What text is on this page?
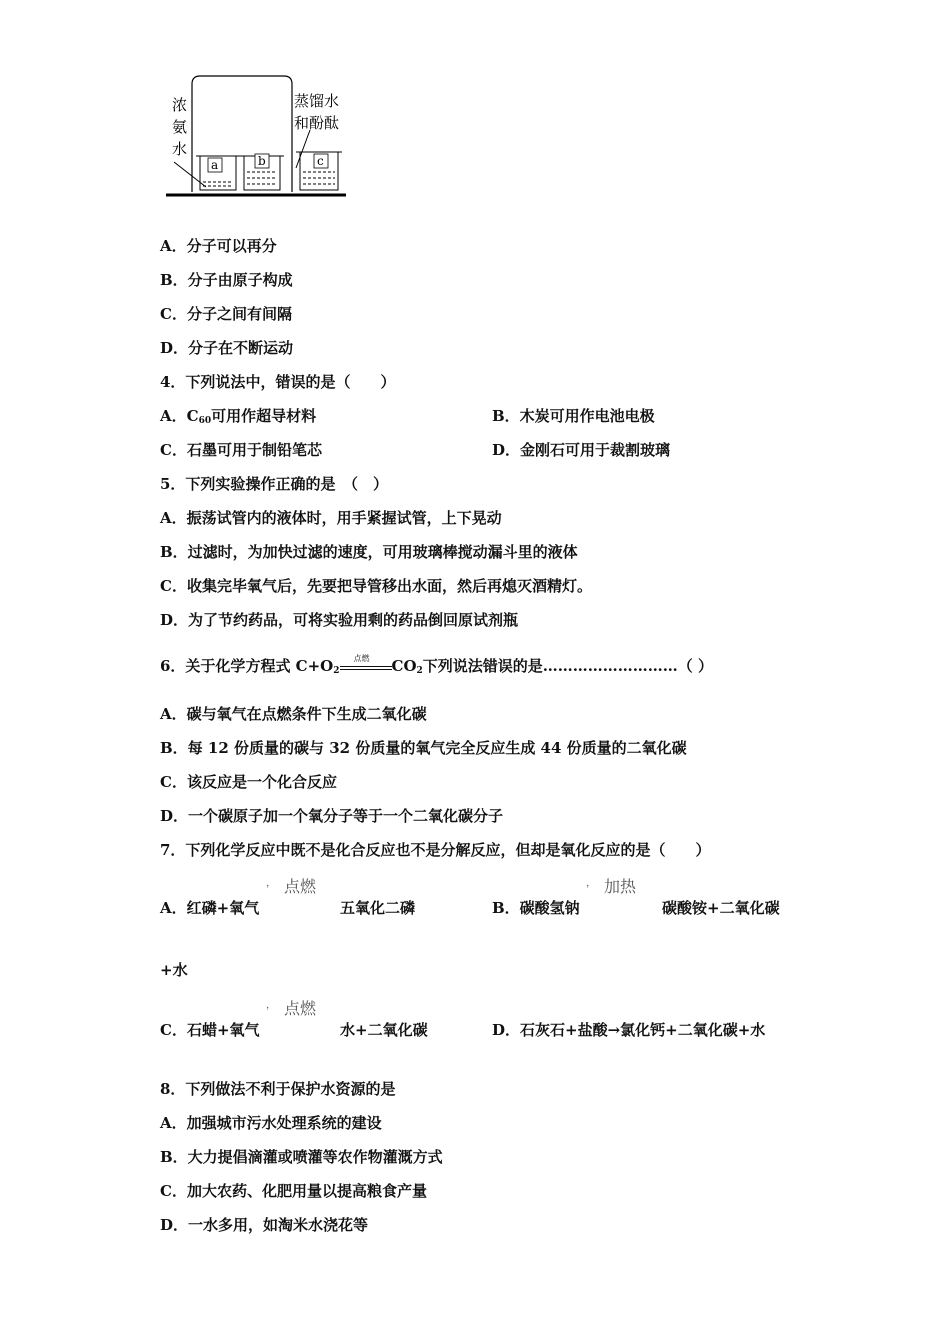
浓
氨
水
蒸馏水
和酚酞
a	b	c
A．分子可以再分
B．分子由原子构成
C．分子之间有间隔
D．分子在不断运动
4．下列说法中，错误的是（　　）
A．$C_{60}$可用作超导材料	B．木炭可用作电池电极
C．石墨可用于制铅笔芯	D．金刚石可用于裁割玻璃
5．下列实验操作正确的是　（　）
A．振荡试管内的液体时，用手紧握试管，上下晃动
B．过滤时，为加快过滤的速度，可用玻璃棒搅动漏斗里的液体
C．收集完毕氧气后，先要把导管移出水面，然后再熄灭酒精灯。
D．为了节约药品，可将实验用剩的药品倒回原试剂瓶
6．关于化学方程式 $C+O_2$
点燃 $CO_2$下列说法错误的是………………………（ ）
A．碳与氧气在点燃条件下生成二氧化碳
B．每 12 份质量的碳与 32 份质量的氧气完全反应生成 44 份质量的二氧化碳
C．该反应是一个化合反应
D．一个碳原子加一个氧分子等于一个二氧化碳分子
7．下列化学反应中既不是化合反应也不是分解反应，但却是氧化反应的是（　　）
， 点燃	， 加热
A．红磷+氧气	五氧化二磷	B．碳酸氢钠	碳酸铵+二氧化碳
+水
， 点燃
C．石蜡+氧气	水+二氧化碳	D．石灰石+盐酸→氯化钙+二氧化碳+水
8．下列做法不利于保护水资源的是
A．加强城市污水处理系统的建设
B．大力提倡滴灌或喷灌等农作物灌溉方式
C．加大农药、化肥用量以提高粮食产量
D．一水多用，如淘米水浇花等
